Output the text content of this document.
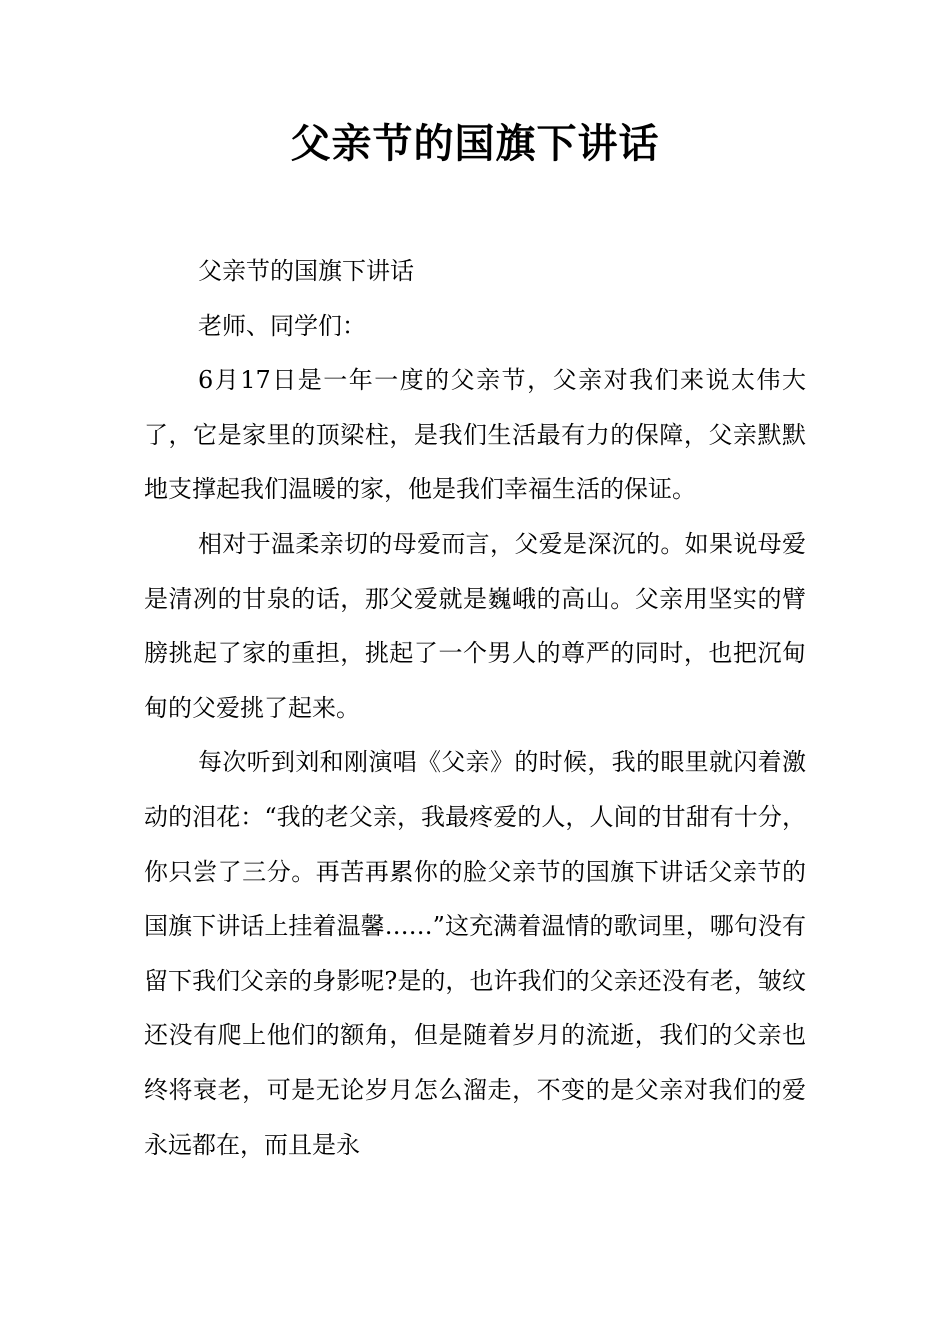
父亲节的国旗下讲话

父亲节的国旗下讲话

老师、同学们：

6月17日是一年一度的父亲节，父亲对我们来说太伟大了，它是家里的顶梁柱，是我们生活最有力的保障，父亲默默地支撑起我们温暖的家，他是我们幸福生活的保证。

相对于温柔亲切的母爱而言，父爱是深沉的。如果说母爱是清冽的甘泉的话，那父爱就是巍峨的高山。父亲用坚实的臂膀挑起了家的重担，挑起了一个男人的尊严的同时，也把沉甸甸的父爱挑了起来。

每次听到刘和刚演唱《父亲》的时候，我的眼里就闪着激动的泪花：“我的老父亲，我最疼爱的人，人间的甘甜有十分，你只尝了三分。再苦再累你的脸父亲节的国旗下讲话父亲节的国旗下讲话上挂着温馨……”这充满着温情的歌词里，哪句没有留下我们父亲的身影呢?是的，也许我们的父亲还没有老，皱纹还没有爬上他们的额角，但是随着岁月的流逝，我们的父亲也终将衰老，可是无论岁月怎么溜走，不变的是父亲对我们的爱永远都在，而且是永
